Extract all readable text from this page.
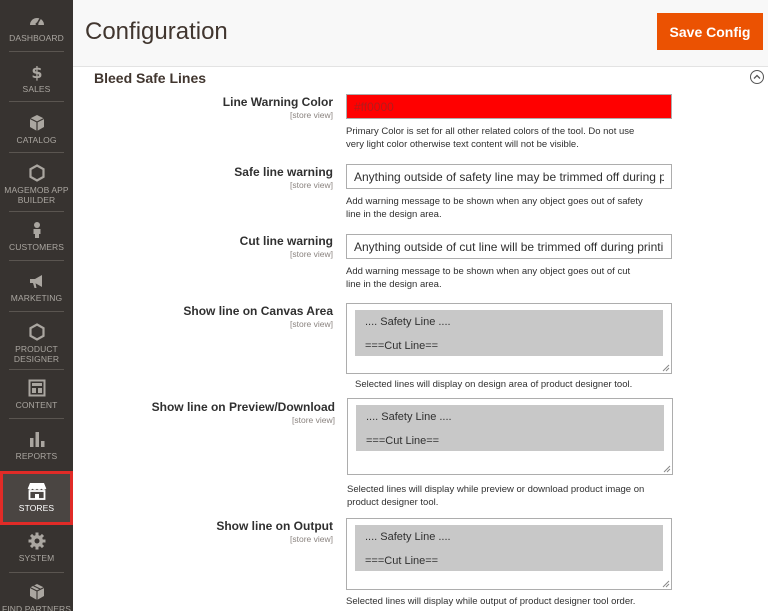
DASHBOARD
$
SALES
CATALOG
MAGEMOB APP
BUILDER
CUSTOMERS
MARKETING
PRODUCT
DESIGNER
CONTENT
REPORTS
STORES
SYSTEM
FIND PARTNERS
Configuration	Save Config
Bleed Safe Lines
Line Warning Color
[store view]
#ff0000
Primary Color is set for all other related colors of the tool. Do not use
very light color otherwise text content will not be visible.
Safe line warning
[store view]
Anything outside of safety line may be trimmed off during printing.
Add warning message to be shown when any object goes out of safety
line in the design area.
Cut line warning
[store view]
Anything outside of cut line will be trimmed off during printing.
Add warning message to be shown when any object goes out of cut
line in the design area.
Show line on Canvas Area
[store view]	.... Safety Line ....
===Cut Line==
Selected lines will display on design area of product designer tool.
Show line on Preview/Download
[store view]	.... Safety Line ....
===Cut Line==
Selected lines will display while preview or download product image on
product designer tool.
Show line on Output
[store view]	.... Safety Line ....
===Cut Line==
Selected lines will display while output of product designer tool order.
